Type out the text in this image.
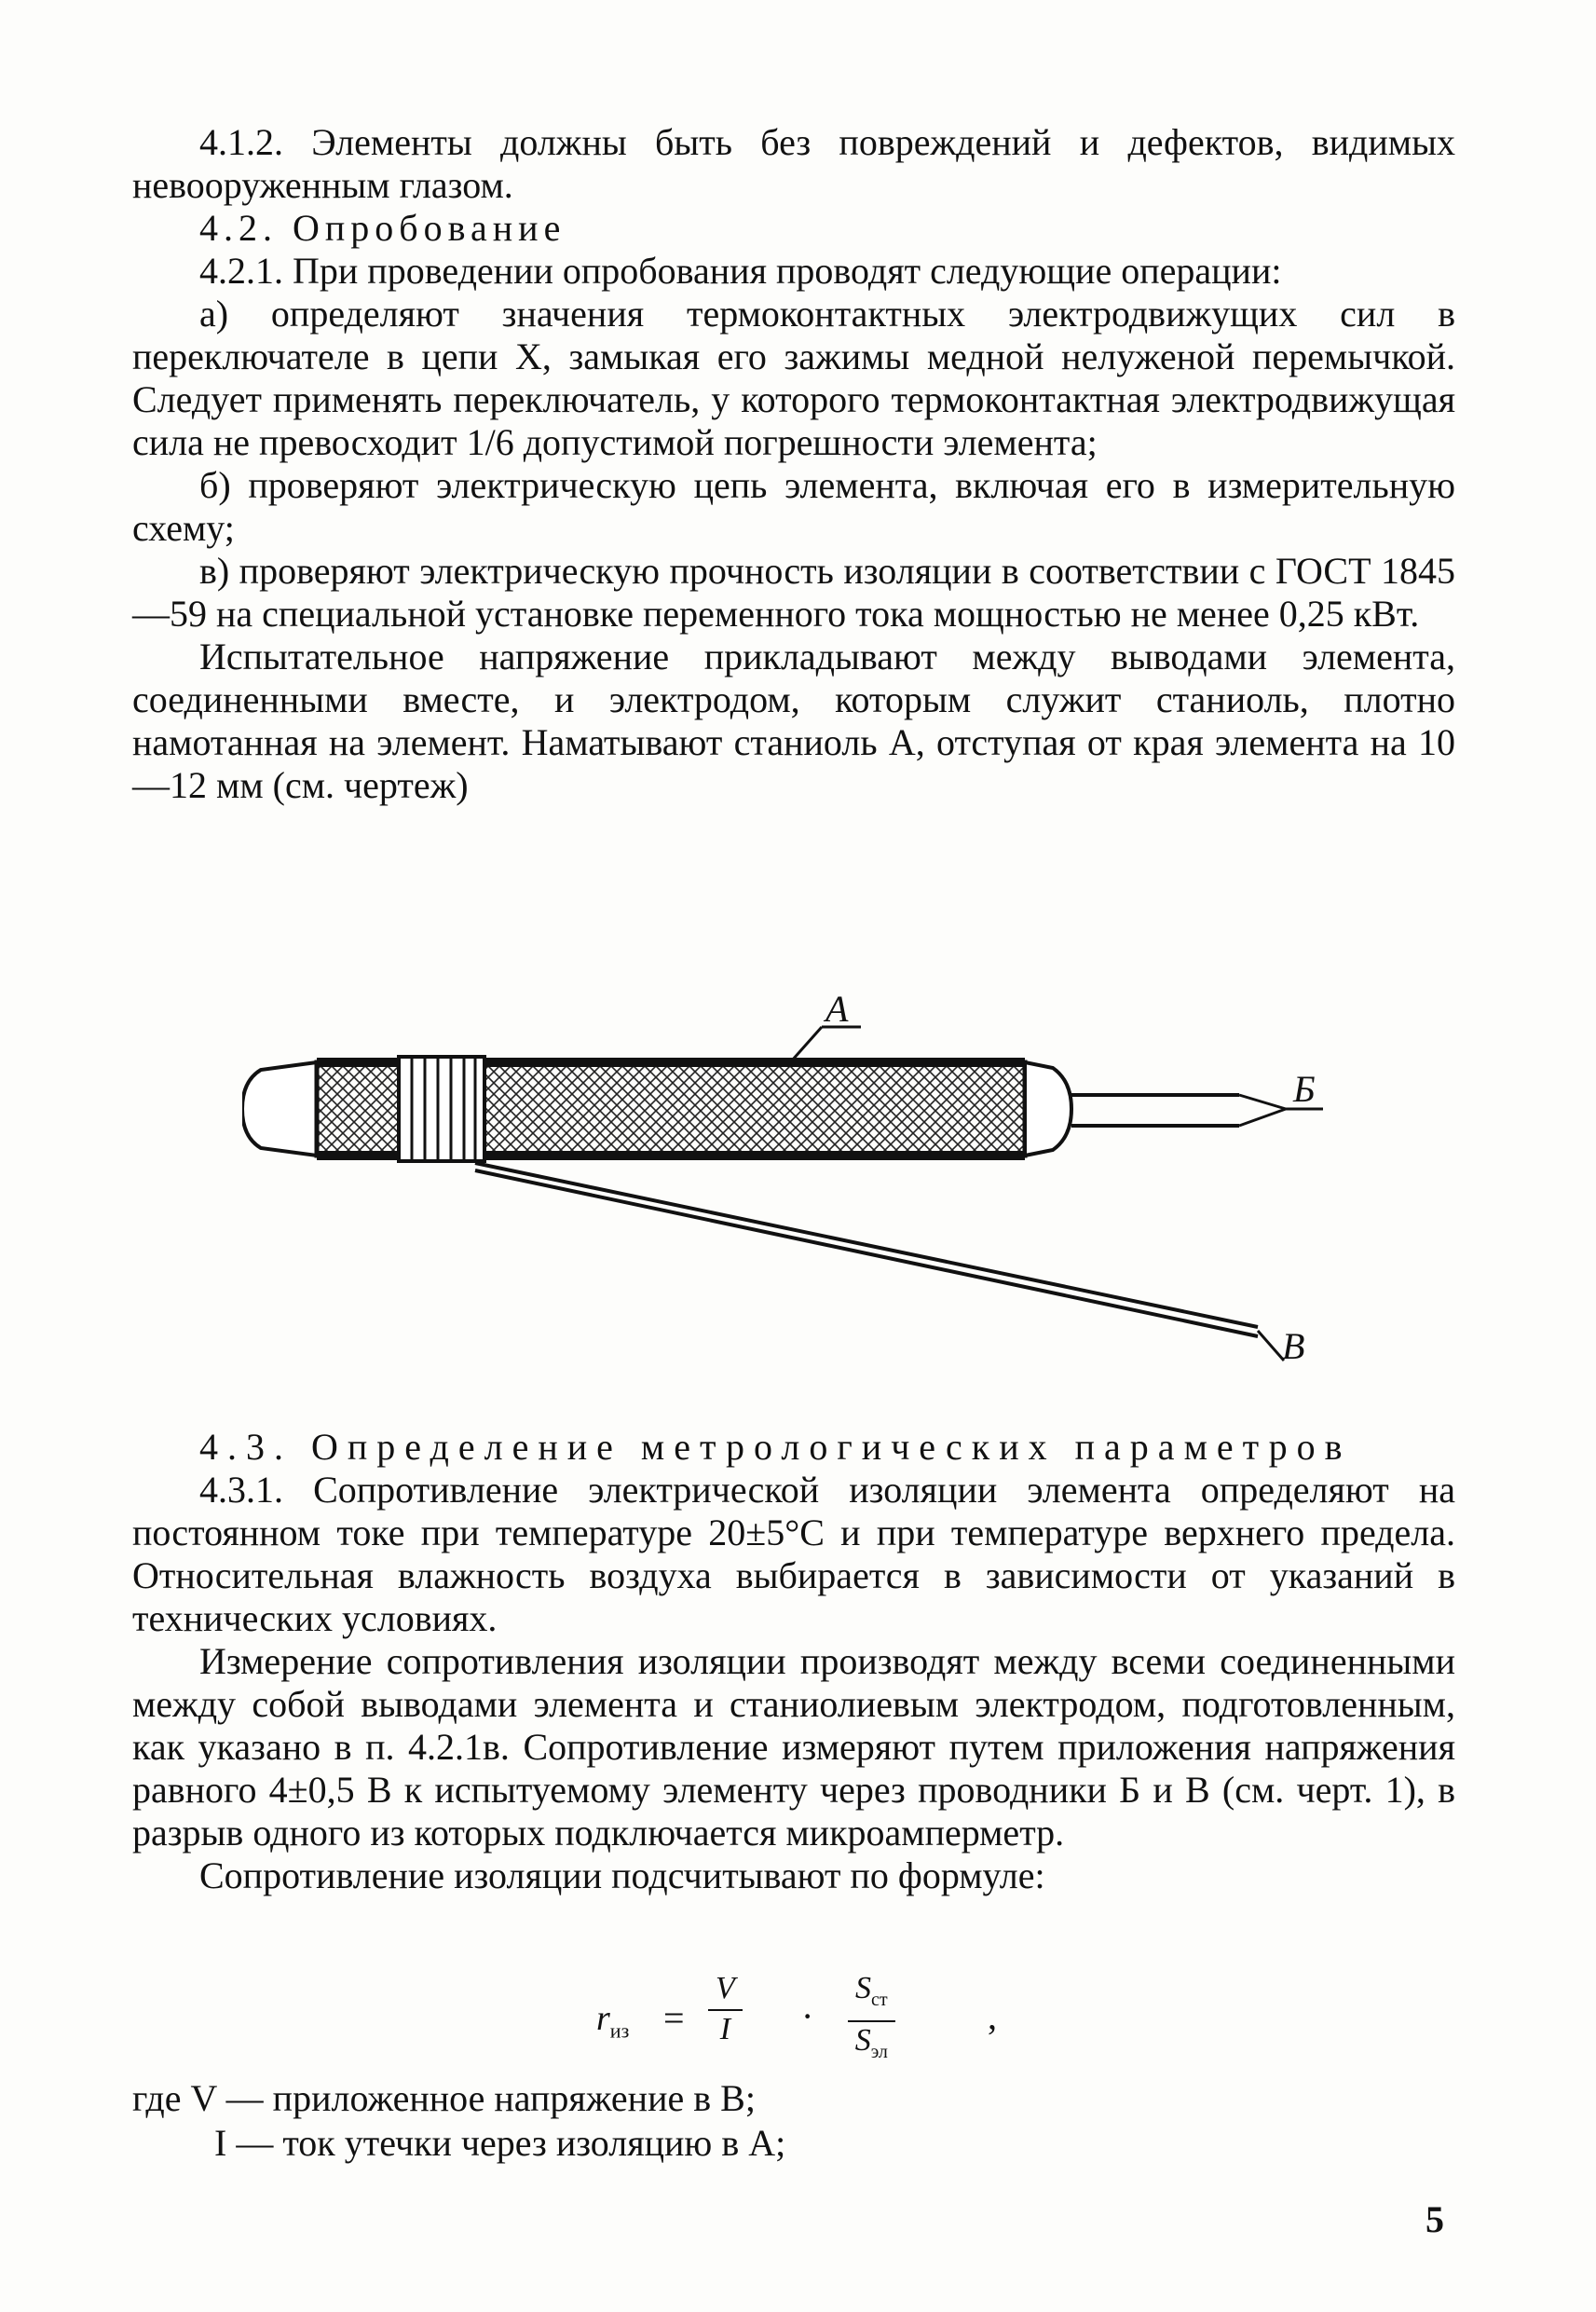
4.1.2. Элементы должны быть без повреждений и дефектов, видимых невооруженным глазом.

4.2. Опробование

4.2.1. При проведении опробования проводят следующие операции:

а) определяют значения термоконтактных электродвижущих сил в переключателе в цепи X, замыкая его зажимы медной нелуженой перемычкой. Следует применять переключатель, у которого термоконтактная электродвижущая сила не превосходит 1/6 допустимой погрешности элемента;

б) проверяют электрическую цепь элемента, включая его в измерительную схему;

в) проверяют электрическую прочность изоляции в соответствии с ГОСТ 1845—59 на специальной установке переменного тока мощностью не менее 0,25 кВт.

Испытательное напряжение прикладывают между выводами элемента, соединенными вместе, и электродом, которым служит станиоль, плотно намотанная на элемент. Наматывают станиоль А, отступая от края элемента на 10—12 мм (см. чертеж)

Б
В
А

4.3. Определение метрологических параметров

4.3.1. Сопротивление электрической изоляции элемента определяют на постоянном токе при температуре 20±5°С и при температуре верхнего предела. Относительная влажность воздуха выбирается в зависимости от указаний в технических условиях.

Измерение сопротивления изоляции производят между всеми соединенными между собой выводами элемента и станиолиевым электродом, подготовленным, как указано в п. 4.2.1в. Сопротивление измеряют путем приложения напряжения равного 4±0,5 В к испытуемому элементу через проводники Б и В (см. черт. 1), в разрыв одного из которых подключается микроамперметр.

Сопротивление изоляции подсчитывают по формуле:

$r_{из} = \frac{V}{I}$ ·
$S_{ст}$
$S_{эл}$
,

где V — приложенное напряжение в В;

I — ток утечки через изоляцию в А;

5
